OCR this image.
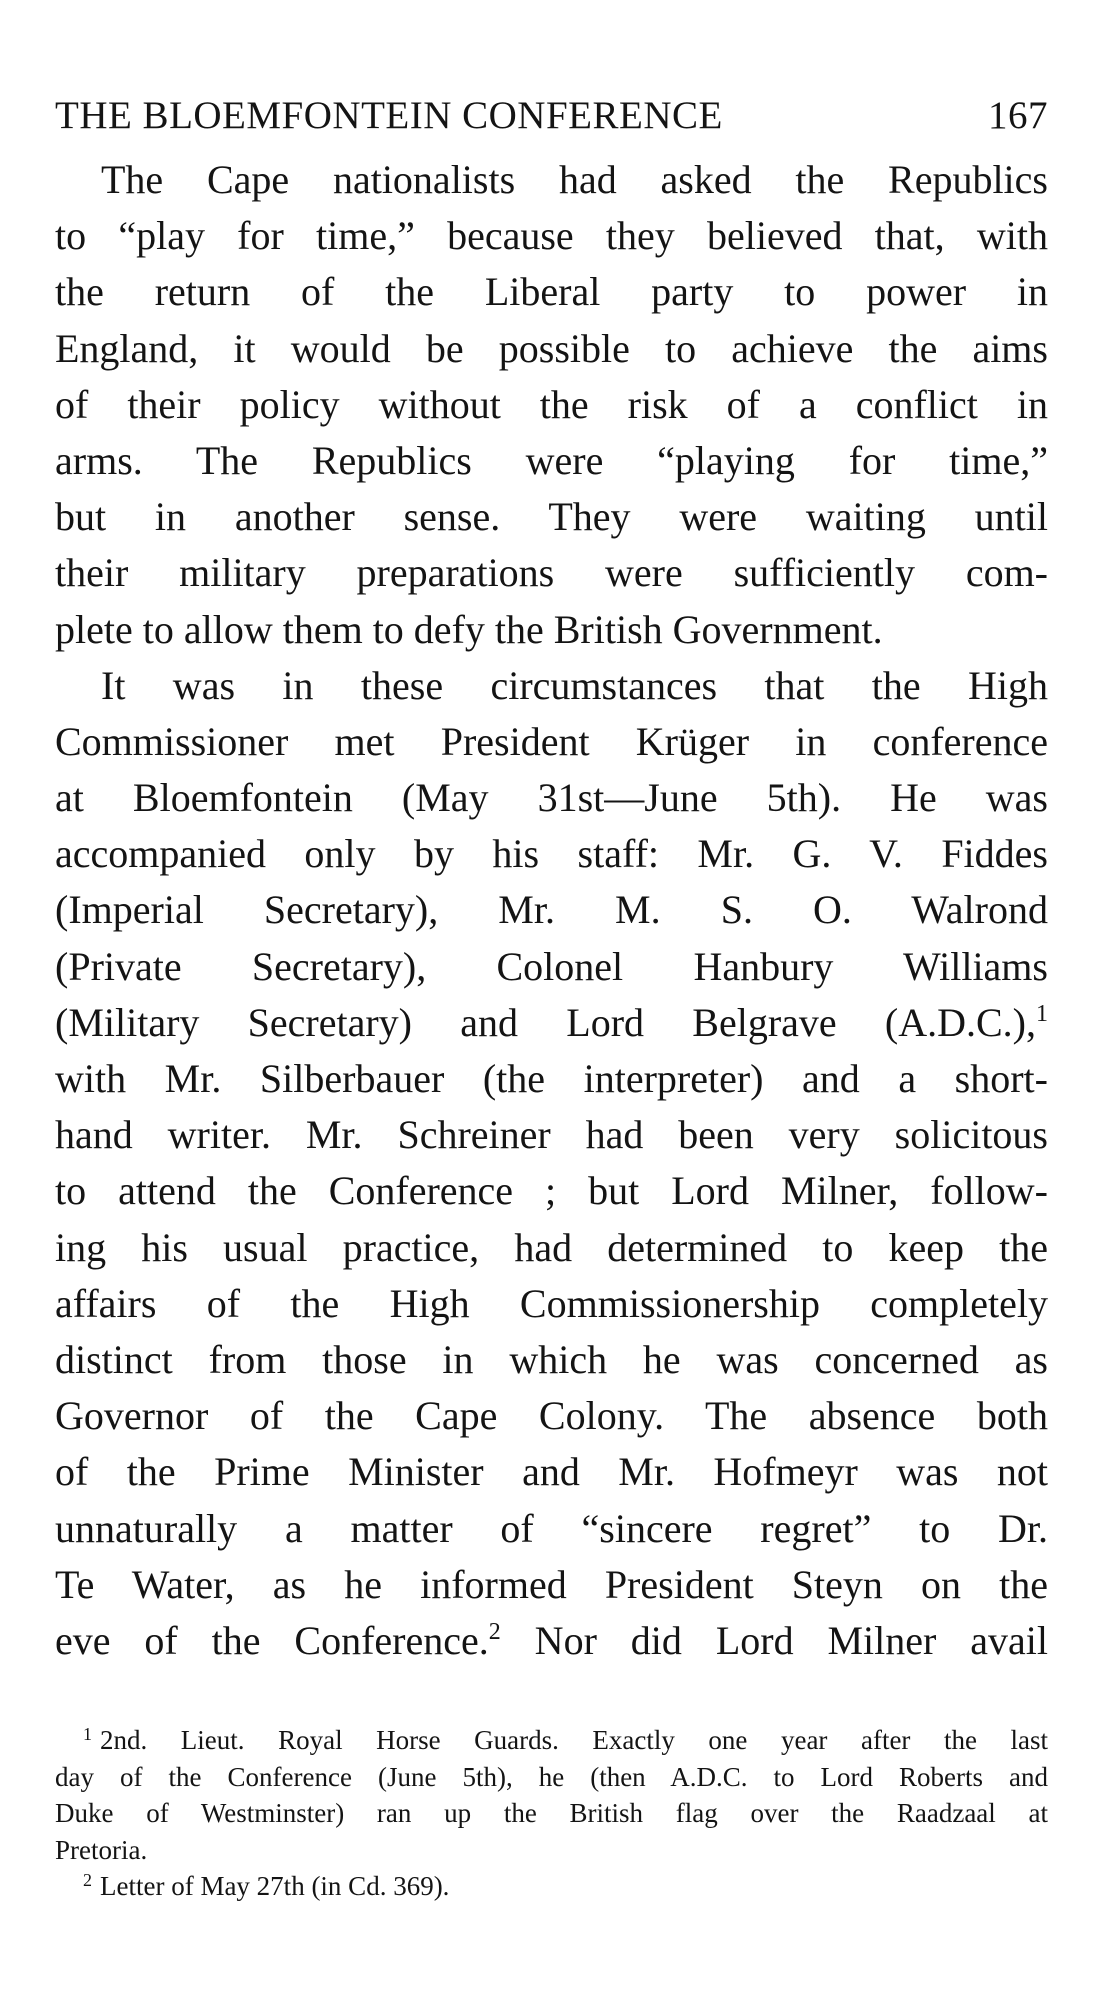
THE BLOEMFONTEIN CONFERENCE	167
The Cape nationalists had asked the Republics
to “play for time,” because they believed that, with
the return of the Liberal party to power in
England, it would be possible to achieve the aims
of their policy without the risk of a conflict in
arms. The Republics were “playing for time,”
but in another sense. They were waiting until
their military preparations were sufficiently com-
plete to allow them to defy the British Government.
It was in these circumstances that the High
Commissioner met President Krüger in conference
at Bloemfontein (May 31st—June 5th). He was
accompanied only by his staff: Mr. G. V. Fiddes
(Imperial Secretary), Mr. M. S. O. Walrond
(Private Secretary), Colonel Hanbury Williams
(Military Secretary) and Lord Belgrave (A.D.C.),$^1$
with Mr. Silberbauer (the interpreter) and a short-
hand writer. Mr. Schreiner had been very solicitous
to attend the Conference ; but Lord Milner, follow-
ing his usual practice, had determined to keep the
affairs of the High Commissionership completely
distinct from those in which he was concerned as
Governor of the Cape Colony. The absence both
of the Prime Minister and Mr. Hofmeyr was not
unnaturally a matter of “sincere regret” to Dr.
Te Water, as he informed President Steyn on the
eve of the Conference.$^2$ Nor did Lord Milner avail
$^1$ 2nd. Lieut. Royal Horse Guards. Exactly one year after the last
day of the Conference (June 5th), he (then A.D.C. to Lord Roberts and
Duke of Westminster) ran up the British flag over the Raadzaal at
Pretoria.
$^2$ Letter of May 27th (in Cd. 369).
